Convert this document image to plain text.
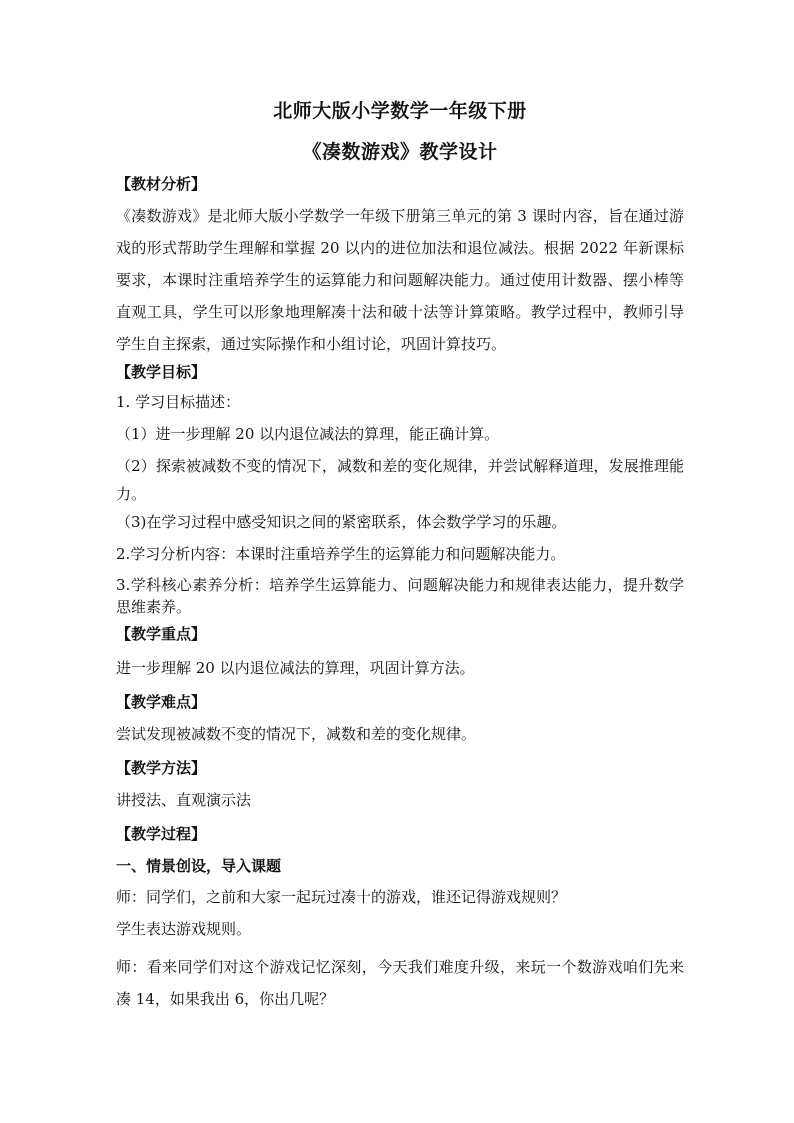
北师大版小学数学一年级下册
《凑数游戏》教学设计

【教材分析】

《凑数游戏》是北师大版小学数学一年级下册第三单元的第 3 课时内容，旨在通过游戏的形式帮助学生理解和掌握 20 以内的进位加法和退位减法。根据 2022 年新课标要求，本课时注重培养学生的运算能力和问题解决能力。通过使用计数器、摆小棒等直观工具，学生可以形象地理解凑十法和破十法等计算策略。教学过程中，教师引导学生自主探索，通过实际操作和小组讨论，巩固计算技巧。

【教学目标】

1. 学习目标描述：

（1）进一步理解 20 以内退位减法的算理，能正确计算。

（2）探索被减数不变的情况下，减数和差的变化规律，并尝试解释道理，发展推理能力。

（3)在学习过程中感受知识之间的紧密联系，体会数学学习的乐趣。

2.学习分析内容：本课时注重培养学生的运算能力和问题解决能力。

3.学科核心素养分析：培养学生运算能力、问题解决能力和规律表达能力，提升数学思维素养。

【教学重点】

进一步理解 20 以内退位减法的算理，巩固计算方法。

【教学难点】

尝试发现被减数不变的情况下，减数和差的变化规律。

【教学方法】

讲授法、直观演示法

【教学过程】

一、情景创设，导入课题

师：同学们，之前和大家一起玩过凑十的游戏，谁还记得游戏规则？

学生表达游戏规则。

师：看来同学们对这个游戏记忆深刻，今天我们难度升级，来玩一个数游戏咱们先来凑 14，如果我出 6，你出几呢？
